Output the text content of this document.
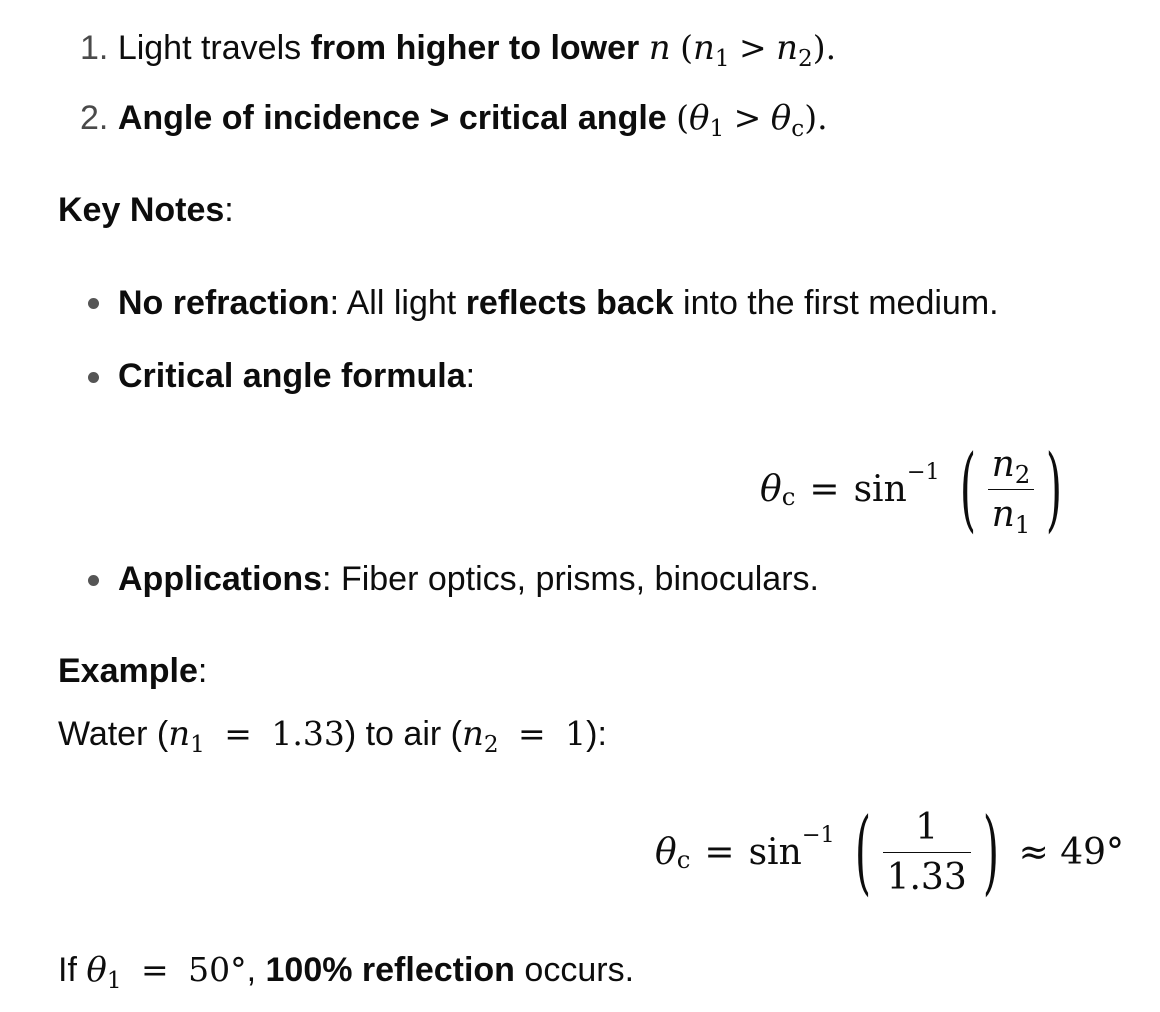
1. Light travels from higher to lower n $(n_1 > n_2)$.
2. Angle of incidence > critical angle $(\theta_1 > \theta_c)$.
Key Notes:
No refraction: All light reflects back into the first medium.
Critical angle formula:
θ c = sin −1 ( $\frac{n_2}{n_1}$ )
Applications: Fiber optics, prisms, binoculars.
Example:
Water $(n_1 = 1.33)$ to air $(n_2 = 1)$:
θ c = sin −1 ( $\frac{1}{1.33}$ ) ≈ 49°
If $\theta_1 = 50^\circ$, 100% reflection occurs.
